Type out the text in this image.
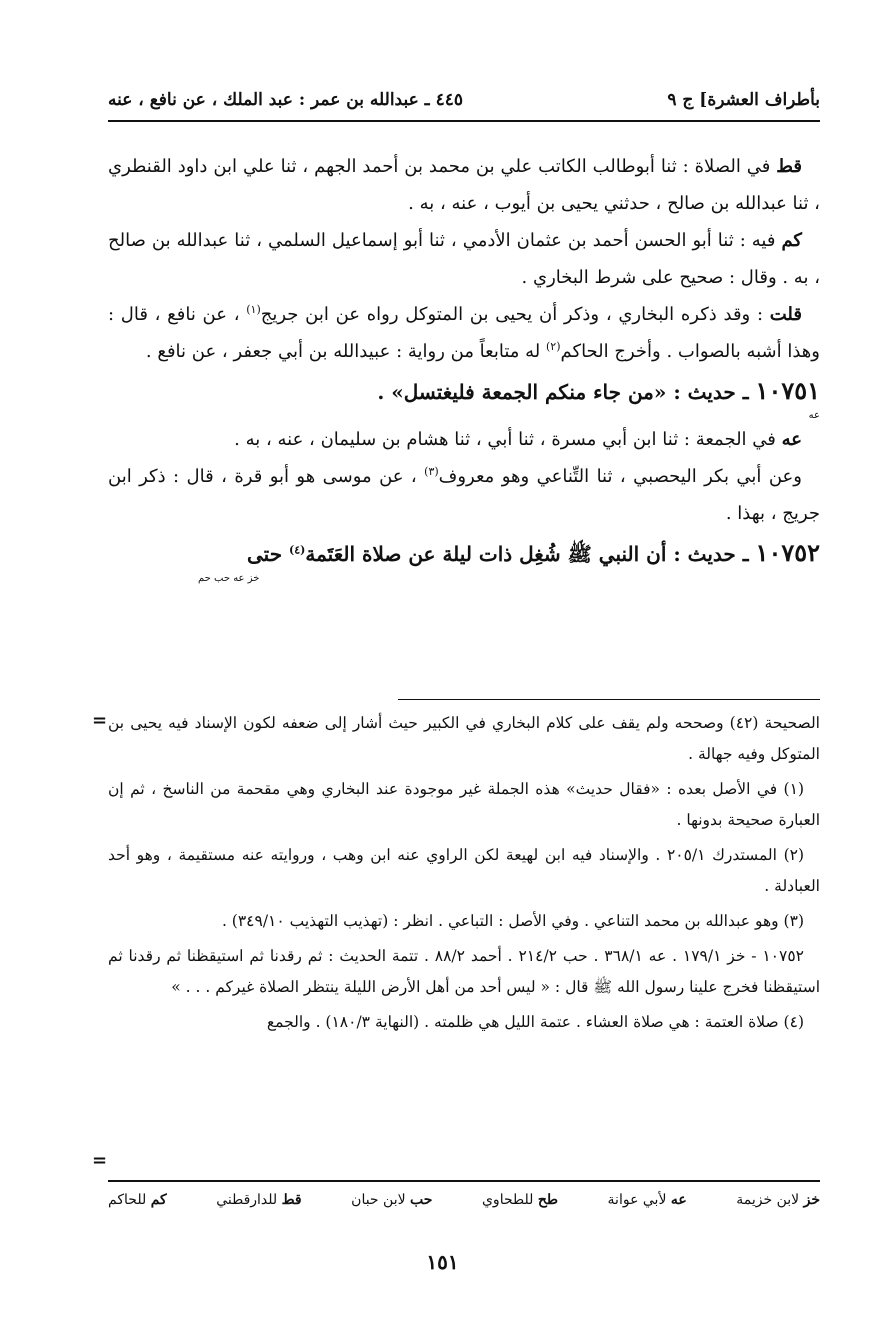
بأطراف العشرة] ج ٩
٤٤٥ ـ عبدالله بن عمر : عبد الملك ، عن نافع ، عنه

قط في الصلاة : ثنا أبوطالب الكاتب علي بن محمد بن أحمد الجهم ، ثنا علي ابن داود القنطري ، ثنا عبدالله بن صالح ، حدثني يحيى بن أيوب ، عنه ، به .

كم فيه : ثنا أبو الحسن أحمد بن عثمان الأدمي ، ثنا أبو إسماعيل السلمي ، ثنا عبدالله بن صالح ، به . وقال : صحيح على شرط البخاري .

قلت : وقد ذكره البخاري ، وذكر أن يحيى بن المتوكل رواه عن ابن جريج$^{(١)}$ ، عن نافع ، قال : وهذا أشبه بالصواب . وأخرج الحاكم$^{(٢)}$ له متابعاً من رواية : عبيدالله بن أبي جعفر ، عن نافع .

١٠٧٥١ ـ حديث : «من جاء منكم الجمعة فليغتسل» .

عه

عه في الجمعة : ثنا ابن أبي مسرة ، ثنا أبي ، ثنا هشام بن سليمان ، عنه ، به .

وعن أبي بكر اليحصبي ، ثنا التِّناعي وهو معروف$^{(٣)}$ ، عن موسى هو أبو قرة ، قال : ذكر ابن جريج ، بهذا .

١٠٧٥٢ ـ حديث : أن النبي ﷺ شُغِل ذات ليلة عن صلاة العَتَمة$^{(٤)}$ حتى

خز عه حب حم
= الصحيحة (٤٢) وصححه ولم يقف على كلام البخاري في الكبير حيث أشار إلى ضعفه لكون الإسناد فيه يحيى بن المتوكل وفيه جهالة .

(١) في الأصل بعده : «فقال حديث» هذه الجملة غير موجودة عند البخاري وهي مقحمة من الناسخ ، ثم إن العبارة صحيحة بدونها .

(٢) المستدرك ٢٠٥/١ . والإسناد فيه ابن لهيعة لكن الراوي عنه ابن وهب ، وروايته عنه مستقيمة ، وهو أحد العبادلة .

(٣) وهو عبدالله بن محمد التناعي . وفي الأصل : التباعي . انظر : (تهذيب التهذيب ٣٤٩/١٠) .

١٠٧٥٢ - خز ١٧٩/١ . عه ٣٦٨/١ . حب ٢١٤/٢ . أحمد ٨٨/٢ . تتمة الحديث : ثم رقدنا ثم استيقظنا ثم رقدنا ثم استيقظنا فخرج علينا رسول الله ﷺ قال : « ليس أحد من أهل الأرض الليلة ينتظر الصلاة غيركم . . . »

(٤) صلاة العتمة : هي صلاة العشاء . عتمة الليل هي ظلمته . (النهاية ١٨٠/٣) . والجمع

=
خز لابن خزيمة
عه لأبي عوانة
طح للطحاوي
حب لابن حبان
قط للدارقطني
كم للحاكم
١٥١
